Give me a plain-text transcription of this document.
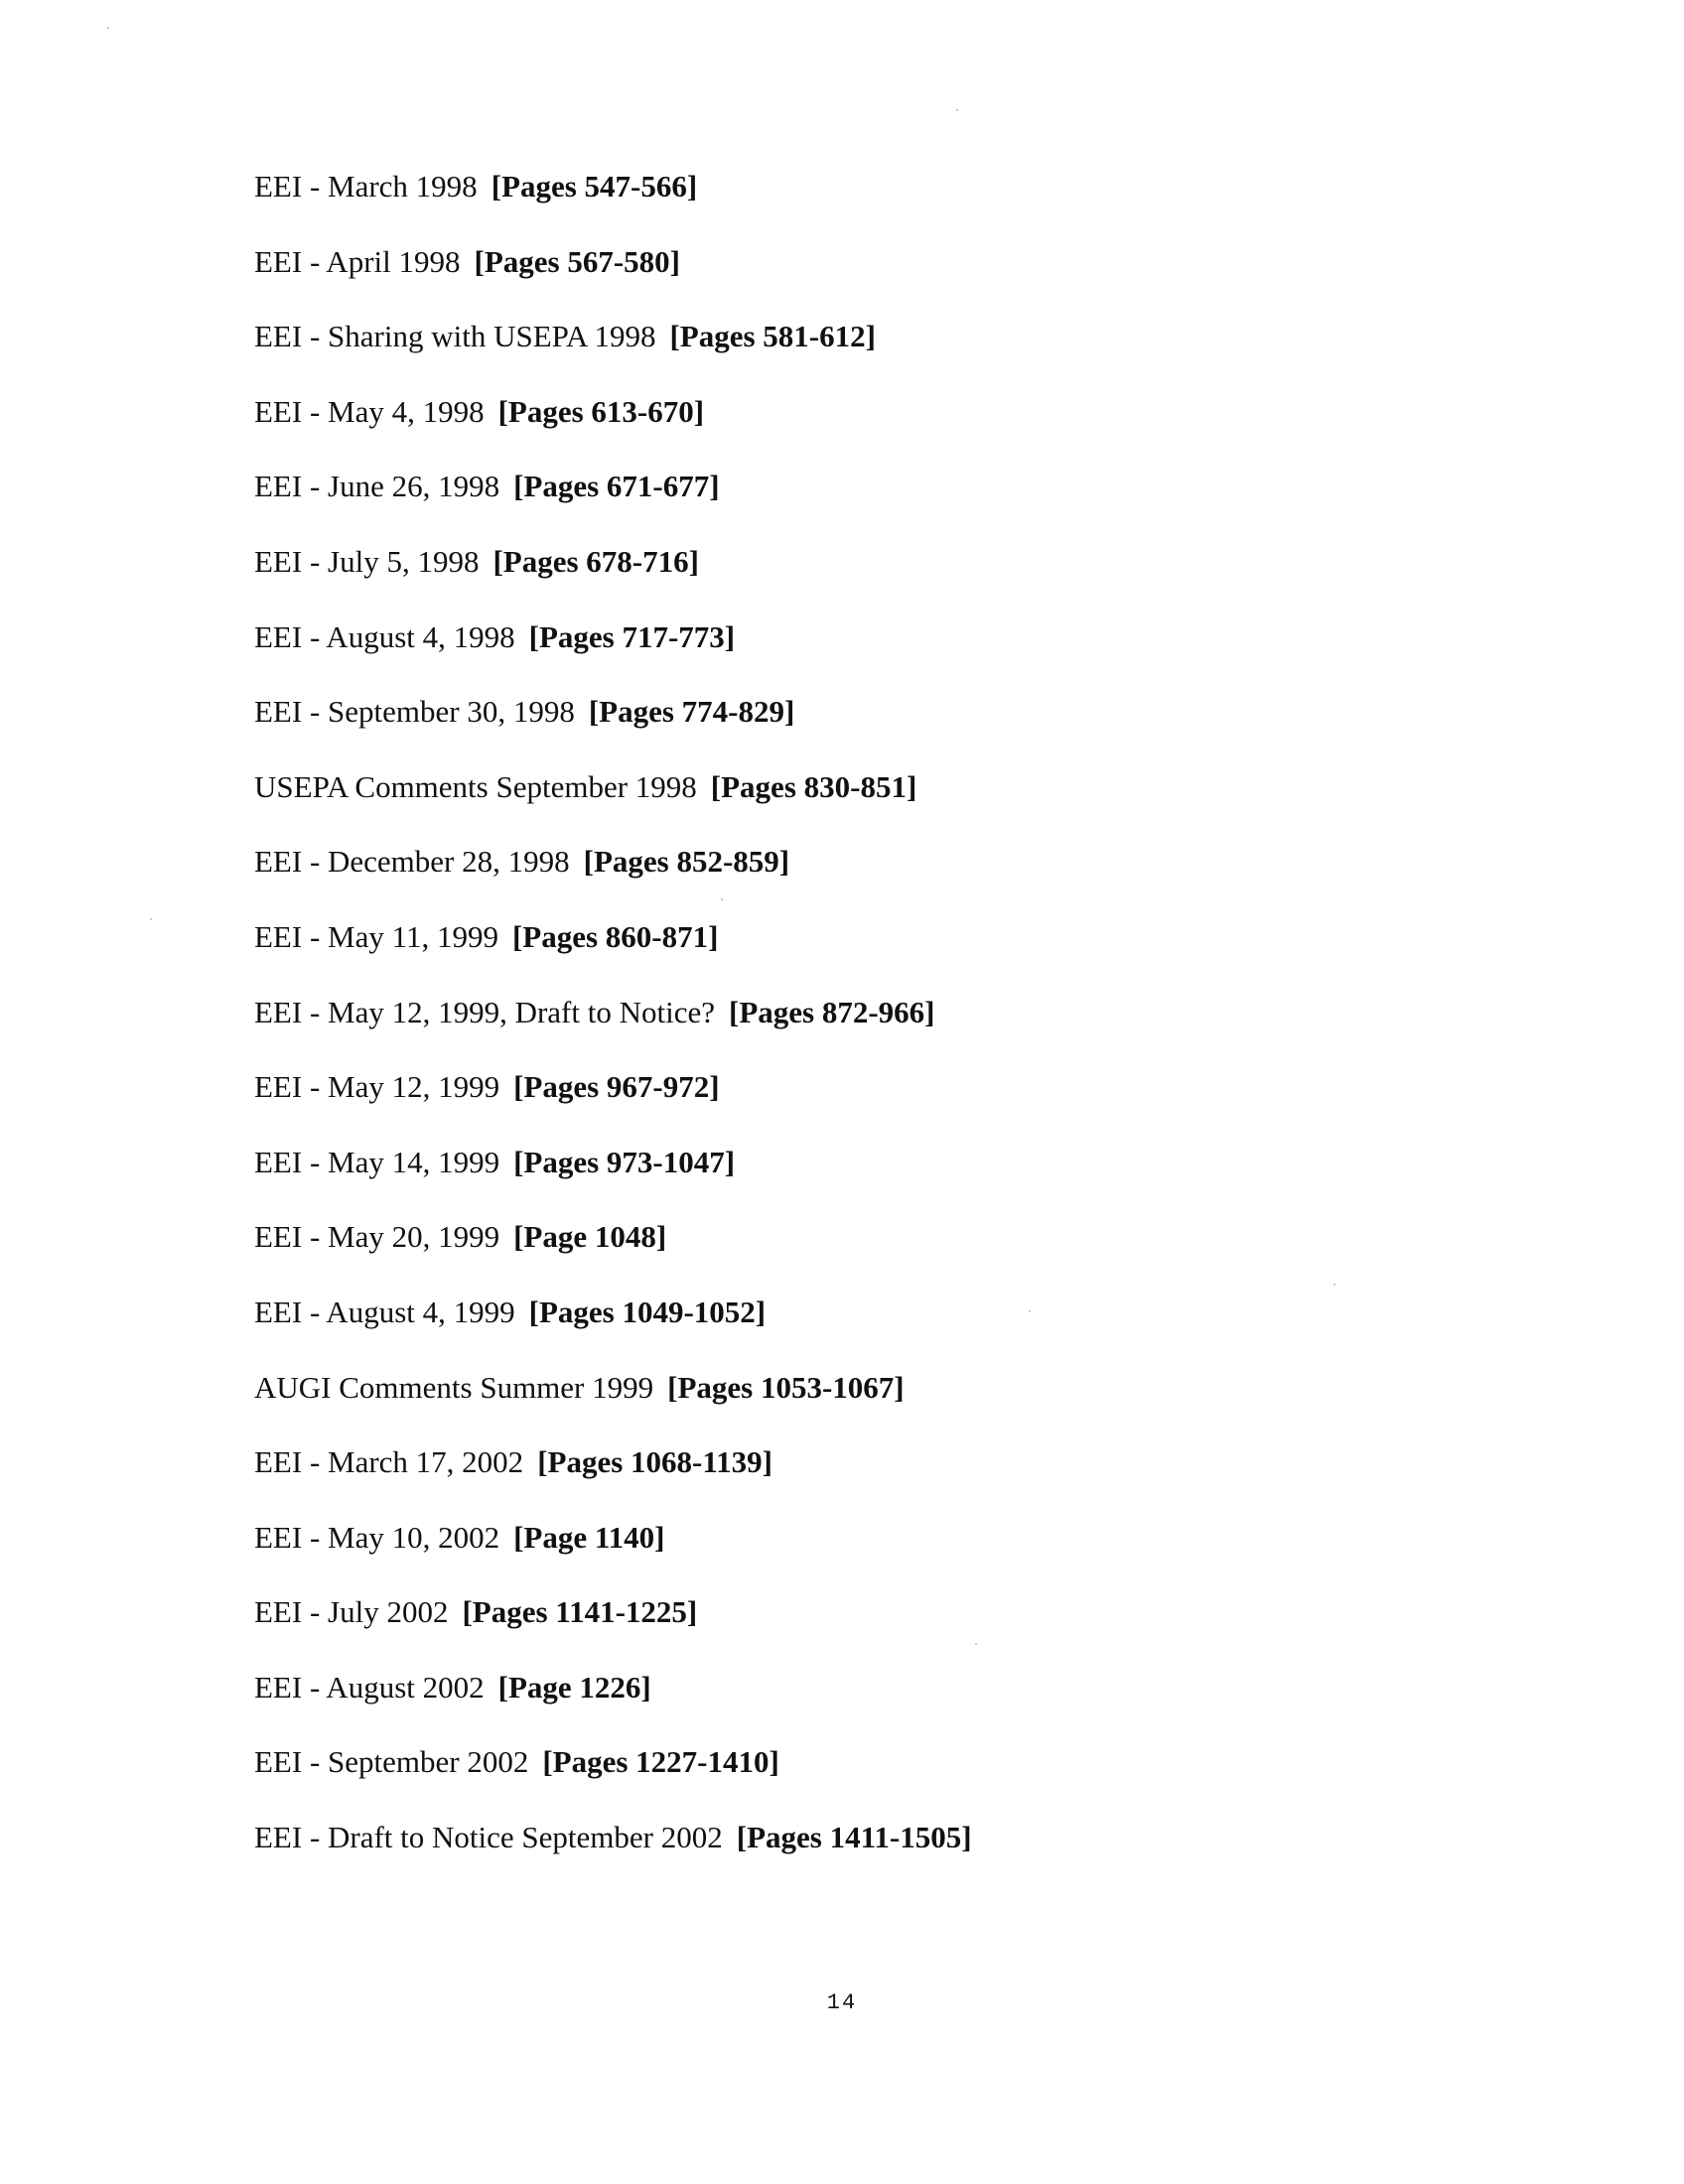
EEI - March 1998 [Pages 547-566]
EEI - April 1998 [Pages 567-580]
EEI - Sharing with USEPA 1998 [Pages 581-612]
EEI - May 4, 1998 [Pages 613-670]
EEI - June 26, 1998 [Pages 671-677]
EEI - July 5, 1998 [Pages 678-716]
EEI - August 4, 1998 [Pages 717-773]
EEI - September 30, 1998 [Pages 774-829]
USEPA Comments September 1998 [Pages 830-851]
EEI - December 28, 1998 [Pages 852-859]
EEI - May 11, 1999 [Pages 860-871]
EEI - May 12, 1999, Draft to Notice? [Pages 872-966]
EEI - May 12, 1999 [Pages 967-972]
EEI - May 14, 1999 [Pages 973-1047]
EEI - May 20, 1999 [Page 1048]
EEI - August 4, 1999 [Pages 1049-1052]
AUGI Comments Summer 1999 [Pages 1053-1067]
EEI - March 17, 2002 [Pages 1068-1139]
EEI - May 10, 2002 [Page 1140]
EEI - July 2002 [Pages 1141-1225]
EEI - August 2002 [Page 1226]
EEI - September 2002 [Pages 1227-1410]
EEI - Draft to Notice September 2002 [Pages 1411-1505]
14
